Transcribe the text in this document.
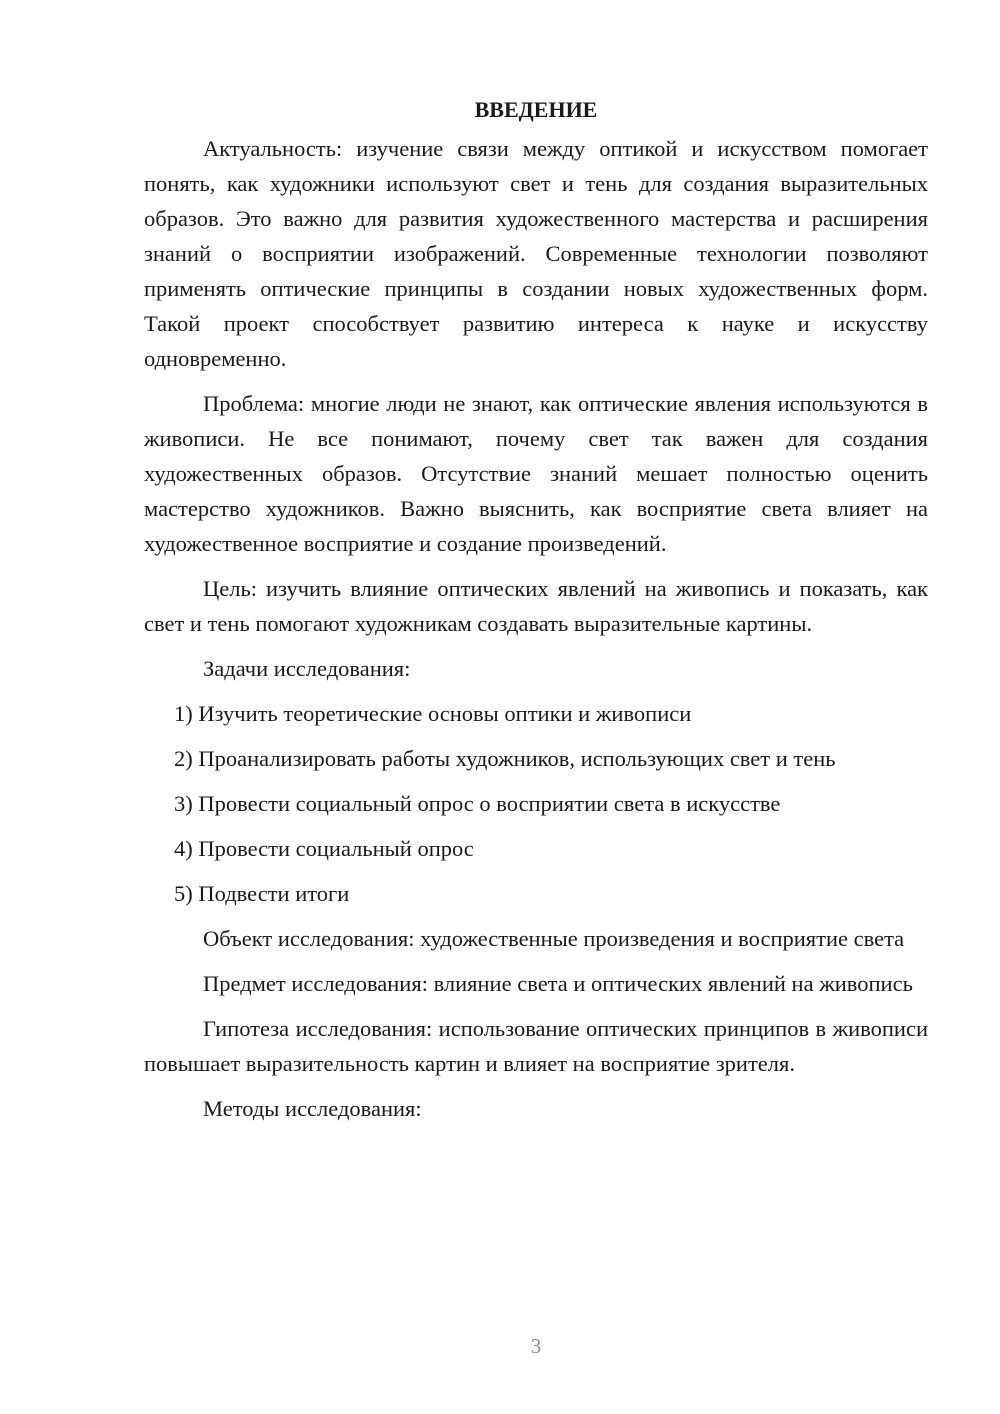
ВВЕДЕНИЕ

Актуальность: изучение связи между оптикой и искусством помогает понять, как художники используют свет и тень для создания выразительных образов. Это важно для развития художественного мастерства и расширения знаний о восприятии изображений. Современные технологии позволяют применять оптические принципы в создании новых художественных форм. Такой проект способствует развитию интереса к науке и искусству одновременно.

Проблема: многие люди не знают, как оптические явления используются в живописи. Не все понимают, почему свет так важен для создания художественных образов. Отсутствие знаний мешает полностью оценить мастерство художников. Важно выяснить, как восприятие света влияет на художественное восприятие и создание произведений.

Цель: изучить влияние оптических явлений на живопись и показать, как свет и тень помогают художникам создавать выразительные картины.

Задачи исследования:

1) Изучить теоретические основы оптики и живописи
2) Проанализировать работы художников, использующих свет и тень
3) Провести социальный опрос о восприятии света в искусстве
4) Провести социальный опрос
5) Подвести итоги

Объект исследования: художественные произведения и восприятие света

Предмет исследования: влияние света и оптических явлений на живопись

Гипотеза исследования: использование оптических принципов в живописи повышает выразительность картин и влияет на восприятие зрителя.

Методы исследования:

3
